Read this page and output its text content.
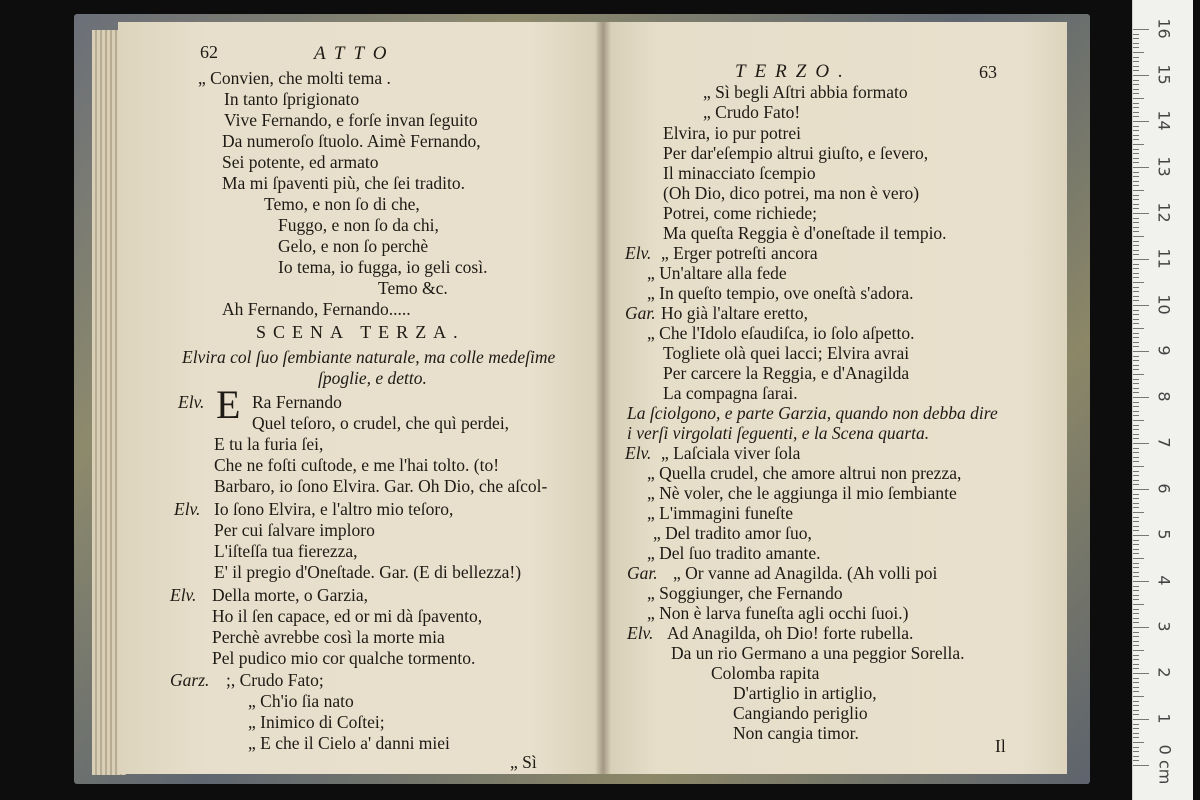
62	ATTO
„ Convien, che molti tema .
In tanto ſprigionato
Vive Fernando, e forſe invan ſeguito
Da numeroſo ſtuolo. Aimè Fernando,
Sei potente, ed armato
Ma mi ſpaventi più, che ſei tradito.
Temo, e non ſo di che,
Fuggo, e non ſo da chi,
Gelo, e non ſo perchè
Io tema, io fugga, io geli così.
Temo &c.
Ah Fernando, Fernando.....
SCENA TERZA.
Elvira col ſuo ſembiante naturale, ma colle medeſime
ſpoglie, e detto.
Elv. E Ra Fernando
Quel teſoro, o crudel, che quì perdei,
E tu la furia ſei,
Che ne foſti cuſtode, e me l'hai tolto. (to!
Barbaro, io ſono Elvira. Gar. Oh Dio, che aſcol-
Elv. Io ſono Elvira, e l'altro mio teſoro,
Per cui ſalvare imploro
L'iſteſſa tua fierezza,
E' il pregio d'Oneſtade. Gar. (E di bellezza!)
Elv. Della morte, o Garzia,
Ho il ſen capace, ed or mi dà ſpavento,
Perchè avrebbe così la morte mia
Pel pudico mio cor qualche tormento.
Garz. ;, Crudo Fato;
„ Ch'io ſia nato
„ Inimico di Coſtei;
„ E che il Cielo a' danni miei
„ Sì
TERZO.	63
„ Sì begli Aſtri abbia formato
„ Crudo Fato!
Elvira, io pur potrei
Per dar'eſempio altrui giuſto, e ſevero,
Il minacciato ſcempio
(Oh Dio, dico potrei, ma non è vero)
Potrei, come richiede;
Ma queſta Reggia è d'oneſtade il tempio.
Elv. „ Erger potreſti ancora
„ Un'altare alla fede
„ In queſto tempio, ove oneſtà s'adora.
Gar. Ho già l'altare eretto,
„ Che l'Idolo eſaudiſca, io ſolo aſpetto.
Togliete olà quei lacci; Elvira avrai
Per carcere la Reggia, e d'Anagilda
La compagna ſarai.
La ſciolgono, e parte Garzia, quando non debba dire
i verſi virgolati ſeguenti, e la Scena quarta.
Elv. „ Laſciala viver ſola
„ Quella crudel, che amore altrui non prezza,
„ Nè voler, che le aggiunga il mio ſembiante
„ L'immagini funeſte
„ Del tradito amor ſuo,
„ Del ſuo tradito amante.
Gar. „ Or vanne ad Anagilda. (Ah volli poi
„ Soggiunger, che Fernando
„ Non è larva funeſta agli occhi ſuoi.)
Elv. Ad Anagilda, oh Dio! forte rubella.
Da un rio Germano a una peggior Sorella.
Colomba rapita
D'artiglio in artiglio,
Cangiando periglio
Non cangia timor.
Il	0 cm
1
2
3
4
5
6
7
8
9
10
11
12
13
14
15
16
